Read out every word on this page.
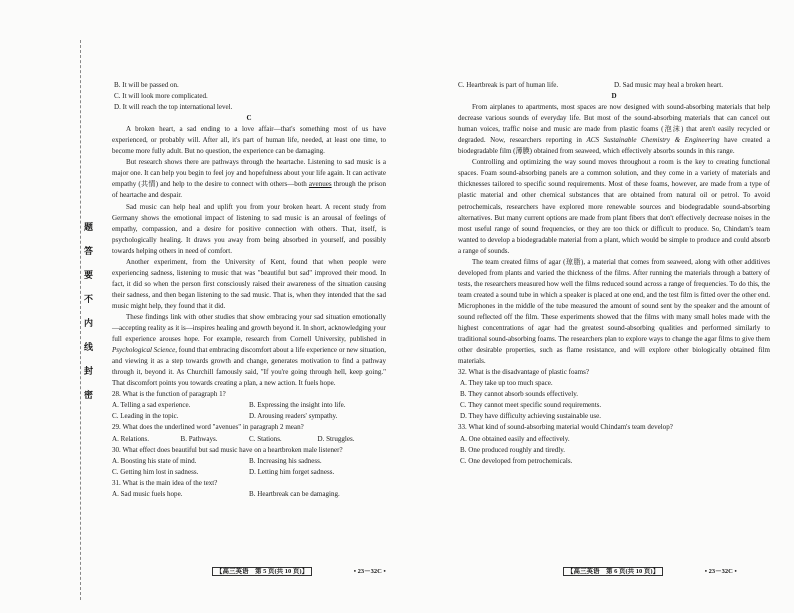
题
答
要
不
内
线
封
密

B. It will be passed on.

C. It will look more complicated.

D. It will reach the top international level.

C

A broken heart, a sad ending to a love affair—that's something most of us have experienced, or probably will. After all, it's part of human life, needed, at least one time, to become more fully adult. But no question, the experience can be damaging.

But research shows there are pathways through the heartache. Listening to sad music is a major one. It can help you begin to feel joy and hopefulness about your life again. It can activate empathy (共情) and help to the desire to connect with others—both avenues through the prison of heartache and despair.

Sad music can help heal and uplift you from your broken heart. A recent study from Germany shows the emotional impact of listening to sad music is an arousal of feelings of empathy, compassion, and a desire for positive connection with others. That, itself, is psychologically healing. It draws you away from being absorbed in yourself, and possibly towards helping others in need of comfort.

Another experiment, from the University of Kent, found that when people were experiencing sadness, listening to music that was "beautiful but sad" improved their mood. In fact, it did so when the person first consciously raised their awareness of the situation causing their sadness, and then began listening to the sad music. That is, when they intended that the sad music might help, they found that it did.

These findings link with other studies that show embracing your sad situation emotionally—accepting reality as it is—inspires healing and growth beyond it. In short, acknowledging your full experience arouses hope. For example, research from Cornell University, published in Psychological Science, found that embracing discomfort about a life experience or new situation, and viewing it as a step towards growth and change, generates motivation to find a pathway through it, beyond it. As Churchill famously said, "If you're going through hell, keep going." That discomfort points you towards creating a plan, a new action. It fuels hope.

28. What is the function of paragraph 1?

A. Telling a sad experience.	B. Expressing the insight into life.
C. Leading in the topic.	D. Arousing readers' sympathy.

29. What does the underlined word "avenues" in paragraph 2 mean?

A. Relations.	B. Pathways.	C. Stations.	D. Struggles.

30. What effect does beautiful but sad music have on a heartbroken male listener?

A. Boosting his state of mind.	B. Increasing his sadness.
C. Getting him lost in sadness.	D. Letting him forget sadness.

31. What is the main idea of the text?

A. Sad music fuels hope.	B. Heartbreak can be damaging.
【高三英语　第 5 页(共 10 页)】	• 23－32C •
C. Heartbreak is part of human life.	D. Sad music may heal a broken heart.

D

From airplanes to apartments, most spaces are now designed with sound-absorbing materials that help decrease various sounds of everyday life. But most of the sound-absorbing materials that can cancel out human voices, traffic noise and music are made from plastic foams (泡沫) that aren't easily recycled or degraded. Now, researchers reporting in ACS Sustainable Chemistry & Engineering have created a biodegradable film (薄膜) obtained from seaweed, which effectively absorbs sounds in this range.

Controlling and optimizing the way sound moves throughout a room is the key to creating functional spaces. Foam sound-absorbing panels are a common solution, and they come in a variety of materials and thicknesses tailored to specific sound requirements. Most of these foams, however, are made from a type of plastic material and other chemical substances that are obtained from natural oil or petrol. To avoid petrochemicals, researchers have explored more renewable sources and biodegradable sound-absorbing alternatives. But many current options are made from plant fibers that don't effectively decrease noises in the most useful range of sound frequencies, or they are too thick or difficult to produce. So, Chindam's team wanted to develop a biodegradable material from a plant, which would be simple to produce and could absorb a range of sounds.

The team created films of agar (琼脂), a material that comes from seaweed, along with other additives developed from plants and varied the thickness of the films. After running the materials through a battery of tests, the researchers measured how well the films reduced sound across a range of frequencies. To do this, the team created a sound tube in which a speaker is placed at one end, and the test film is fitted over the other end. Microphones in the middle of the tube measured the amount of sound sent by the speaker and the amount of sound reflected off the film. These experiments showed that the films with many small holes made with the highest concentrations of agar had the greatest sound-absorbing qualities and performed similarly to traditional sound-absorbing foams. The researchers plan to explore ways to change the agar films to give them other desirable properties, such as flame resistance, and will explore other biologically obtained film materials.

32. What is the disadvantage of plastic foams?

A. They take up too much space.

B. They cannot absorb sounds effectively.

C. They cannot meet specific sound requirements.

D. They have difficulty achieving sustainable use.

33. What kind of sound-absorbing material would Chindam's team develop?

A. One obtained easily and effectively.

B. One produced roughly and tiredly.

C. One developed from petrochemicals.

【高三英语　第 6 页(共 10 页)】	• 23－32C •
